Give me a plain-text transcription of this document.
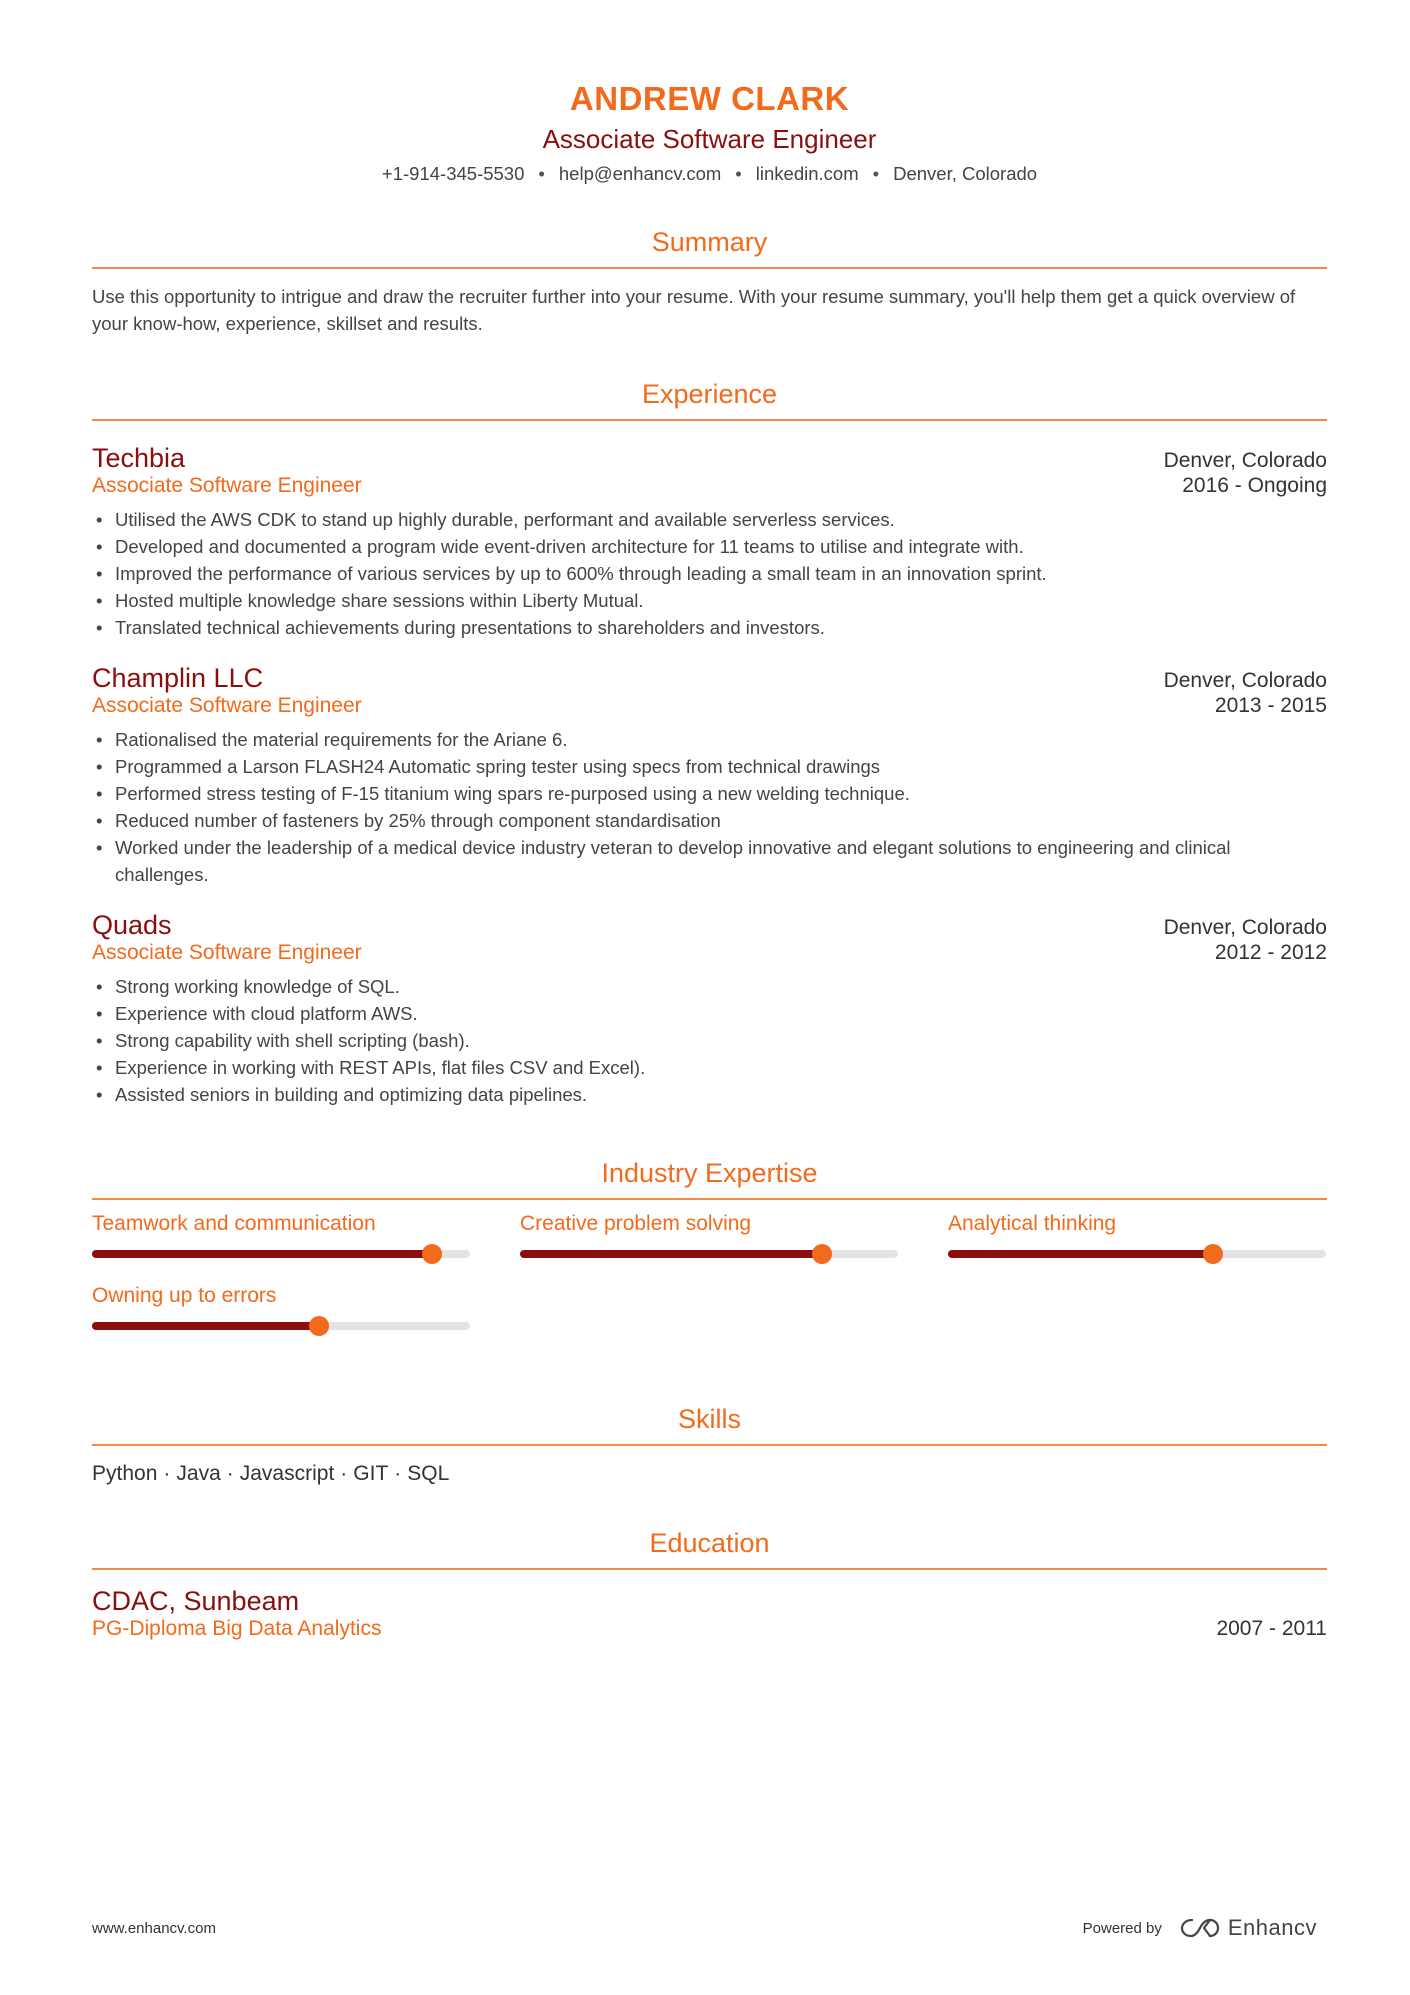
ANDREW CLARK
Associate Software Engineer
+1-914-345-5530 • help@enhancv.com • linkedin.com • Denver, Colorado
Summary
Use this opportunity to intrigue and draw the recruiter further into your resume. With your resume summary, you'll help them get a quick overview of your know-how, experience, skillset and results.
Experience
Techbia	Denver, Colorado
Associate Software Engineer	2016 - Ongoing
• Utilised the AWS CDK to stand up highly durable, performant and available serverless services.
• Developed and documented a program wide event-driven architecture for 11 teams to utilise and integrate with.
• Improved the performance of various services by up to 600% through leading a small team in an innovation sprint.
• Hosted multiple knowledge share sessions within Liberty Mutual.
• Translated technical achievements during presentations to shareholders and investors.
Champlin LLC	Denver, Colorado
Associate Software Engineer	2013 - 2015
• Rationalised the material requirements for the Ariane 6.
• Programmed a Larson FLASH24 Automatic spring tester using specs from technical drawings
• Performed stress testing of F-15 titanium wing spars re-purposed using a new welding technique.
• Reduced number of fasteners by 25% through component standardisation
• Worked under the leadership of a medical device industry veteran to develop innovative and elegant solutions to engineering and clinical challenges.
Quads	Denver, Colorado
Associate Software Engineer	2012 - 2012
• Strong working knowledge of SQL.
• Experience with cloud platform AWS.
• Strong capability with shell scripting (bash).
• Experience in working with REST APIs, flat files CSV and Excel).
• Assisted seniors in building and optimizing data pipelines.
Industry Expertise
Teamwork and communication	Creative problem solving	Analytical thinking
Owning up to errors
Skills
Python · Java · Javascript · GIT · SQL
Education
CDAC, Sunbeam
PG-Diploma Big Data Analytics	2007 - 2011
www.enhancv.com	Powered by	Enhancv
